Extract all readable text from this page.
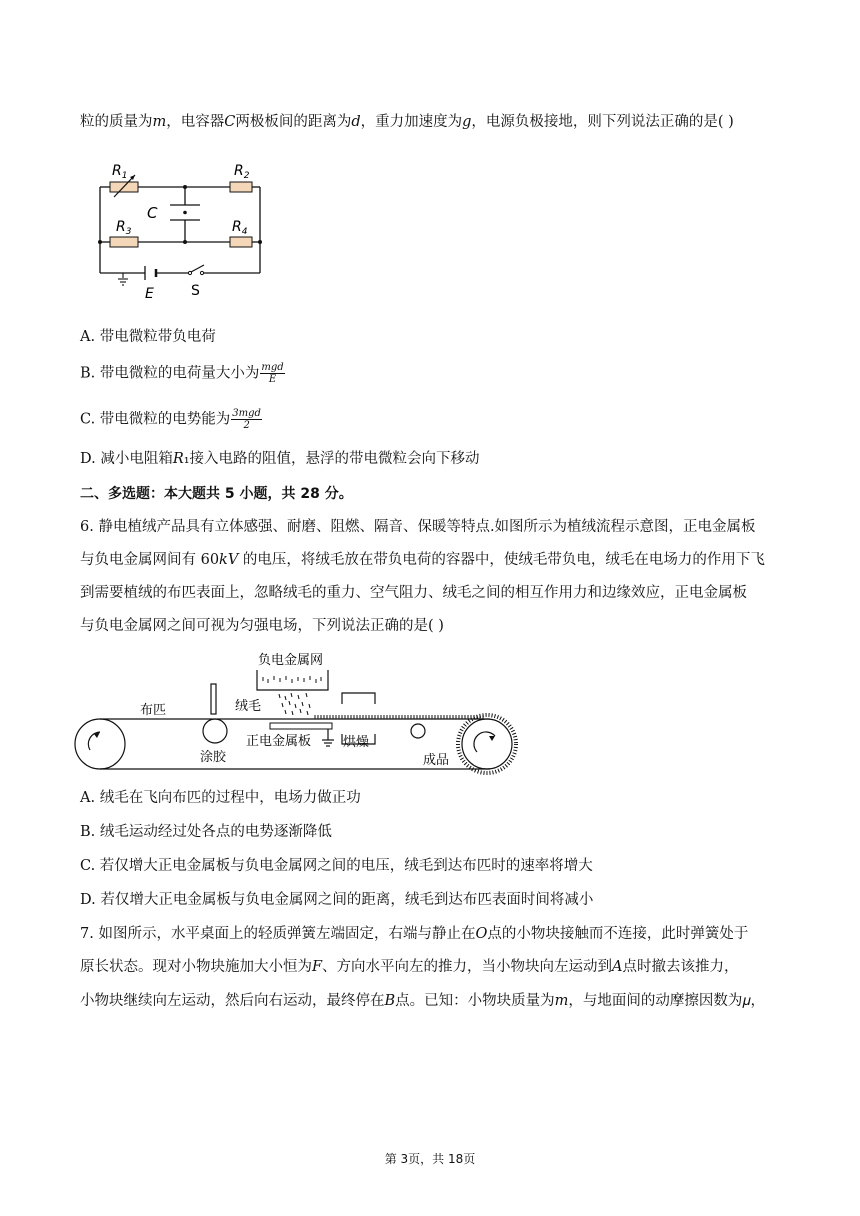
粒的质量为𝑚，电容器𝐶两极板间的距离为𝑑，重力加速度为𝑔，电源负极接地，则下列说法正确的是( )
$R_1$	$R_2$
$R_3$	$R_4$
C
E	S
A. 带电微粒带负电荷
B. 带电微粒的电荷量大小为 $\frac{\text{mgd}}{E}$
C. 带电微粒的电势能为 $\frac{\text{3mgd}}{2}$
D. 减小电阻箱𝑅₁接入电路的阻值，悬浮的带电微粒会向下移动
二、多选题：本大题共 5 小题，共 28 分。
6. 静电植绒产品具有立体感强、耐磨、阻燃、隔音、保暖等特点.如图所示为植绒流程示意图，正电金属板
与负电金属网间有 60𝑘𝑉 的电压，将绒毛放在带负电荷的容器中，使绒毛带负电，绒毛在电场力的作用下飞
到需要植绒的布匹表面上，忽略绒毛的重力、空气阻力、绒毛之间的相互作用力和边缘效应，正电金属板
与负电金属网之间可视为匀强电场，下列说法正确的是( )
负电金属网
布匹	绒毛
涂胶
正电金属板 烘燥
成品
A. 绒毛在飞向布匹的过程中，电场力做正功
B. 绒毛运动经过处各点的电势逐渐降低
C. 若仅增大正电金属板与负电金属网之间的电压，绒毛到达布匹时的速率将增大
D. 若仅增大正电金属板与负电金属网之间的距离，绒毛到达布匹表面时间将减小
7. 如图所示，水平桌面上的轻质弹簧左端固定，右端与静止在𝑂点的小物块接触而不连接，此时弹簧处于
原长状态。现对小物块施加大小恒为𝐹、方向水平向左的推力，当小物块向左运动到𝐴点时撤去该推力，
小物块继续向左运动，然后向右运动，最终停在𝐵点。已知：小物块质量为𝑚，与地面间的动摩擦因数为𝜇，
第 3页，共 18页
